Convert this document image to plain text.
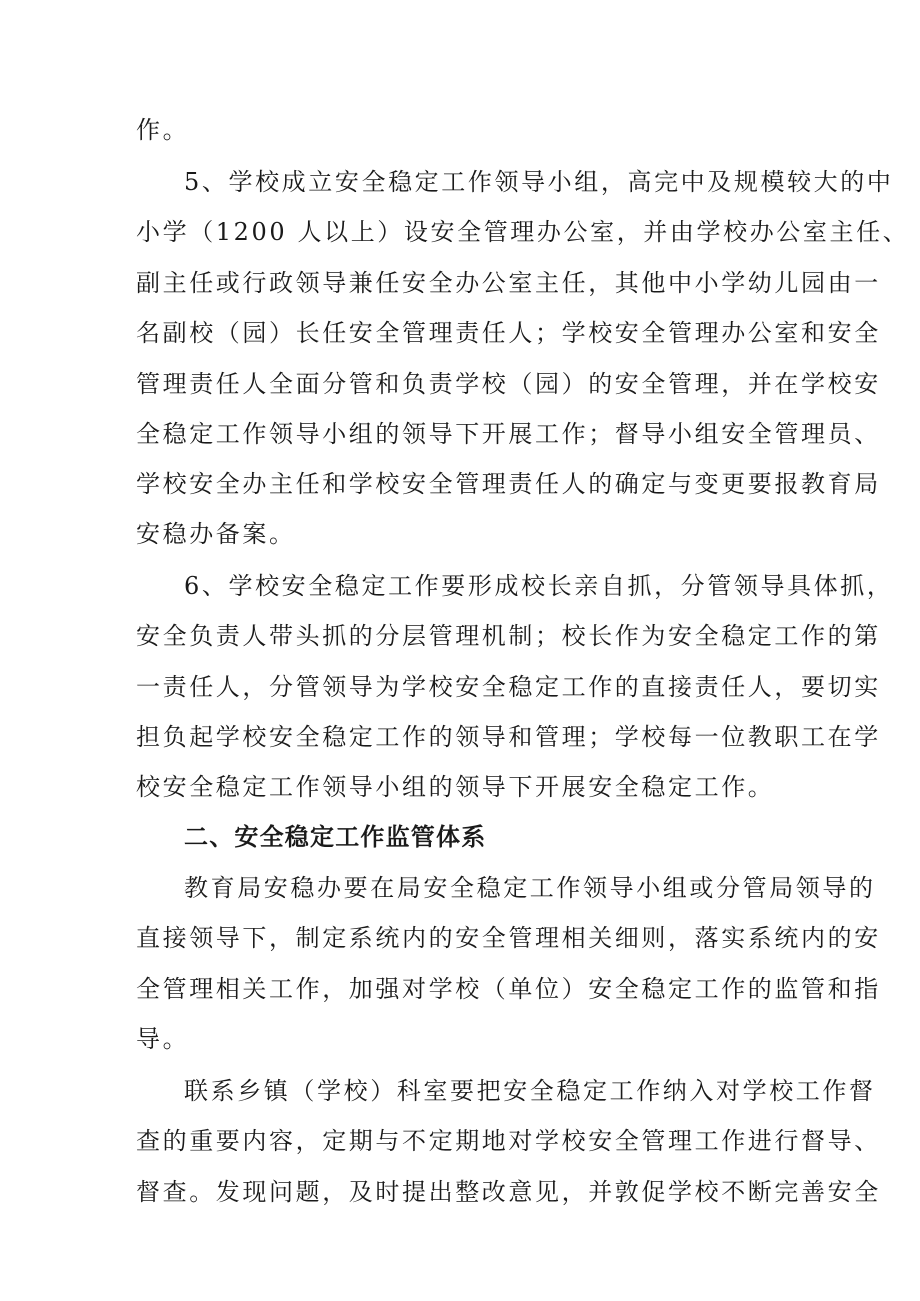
作。
5、学校成立安全稳定工作领导小组，高完中及规模较大的中
小学（1200 人以上）设安全管理办公室，并由学校办公室主任、
副主任或行政领导兼任安全办公室主任，其他中小学幼儿园由一
名副校（园）长任安全管理责任人；学校安全管理办公室和安全
管理责任人全面分管和负责学校（园）的安全管理，并在学校安
全稳定工作领导小组的领导下开展工作；督导小组安全管理员、
学校安全办主任和学校安全管理责任人的确定与变更要报教育局
安稳办备案。
6、学校安全稳定工作要形成校长亲自抓，分管领导具体抓，
安全负责人带头抓的分层管理机制；校长作为安全稳定工作的第
一责任人，分管领导为学校安全稳定工作的直接责任人，要切实
担负起学校安全稳定工作的领导和管理；学校每一位教职工在学
校安全稳定工作领导小组的领导下开展安全稳定工作。
二、安全稳定工作监管体系
教育局安稳办要在局安全稳定工作领导小组或分管局领导的
直接领导下，制定系统内的安全管理相关细则，落实系统内的安
全管理相关工作，加强对学校（单位）安全稳定工作的监管和指
导。
联系乡镇（学校）科室要把安全稳定工作纳入对学校工作督
查的重要内容，定期与不定期地对学校安全管理工作进行督导、
督查。发现问题，及时提出整改意见，并敦促学校不断完善安全
